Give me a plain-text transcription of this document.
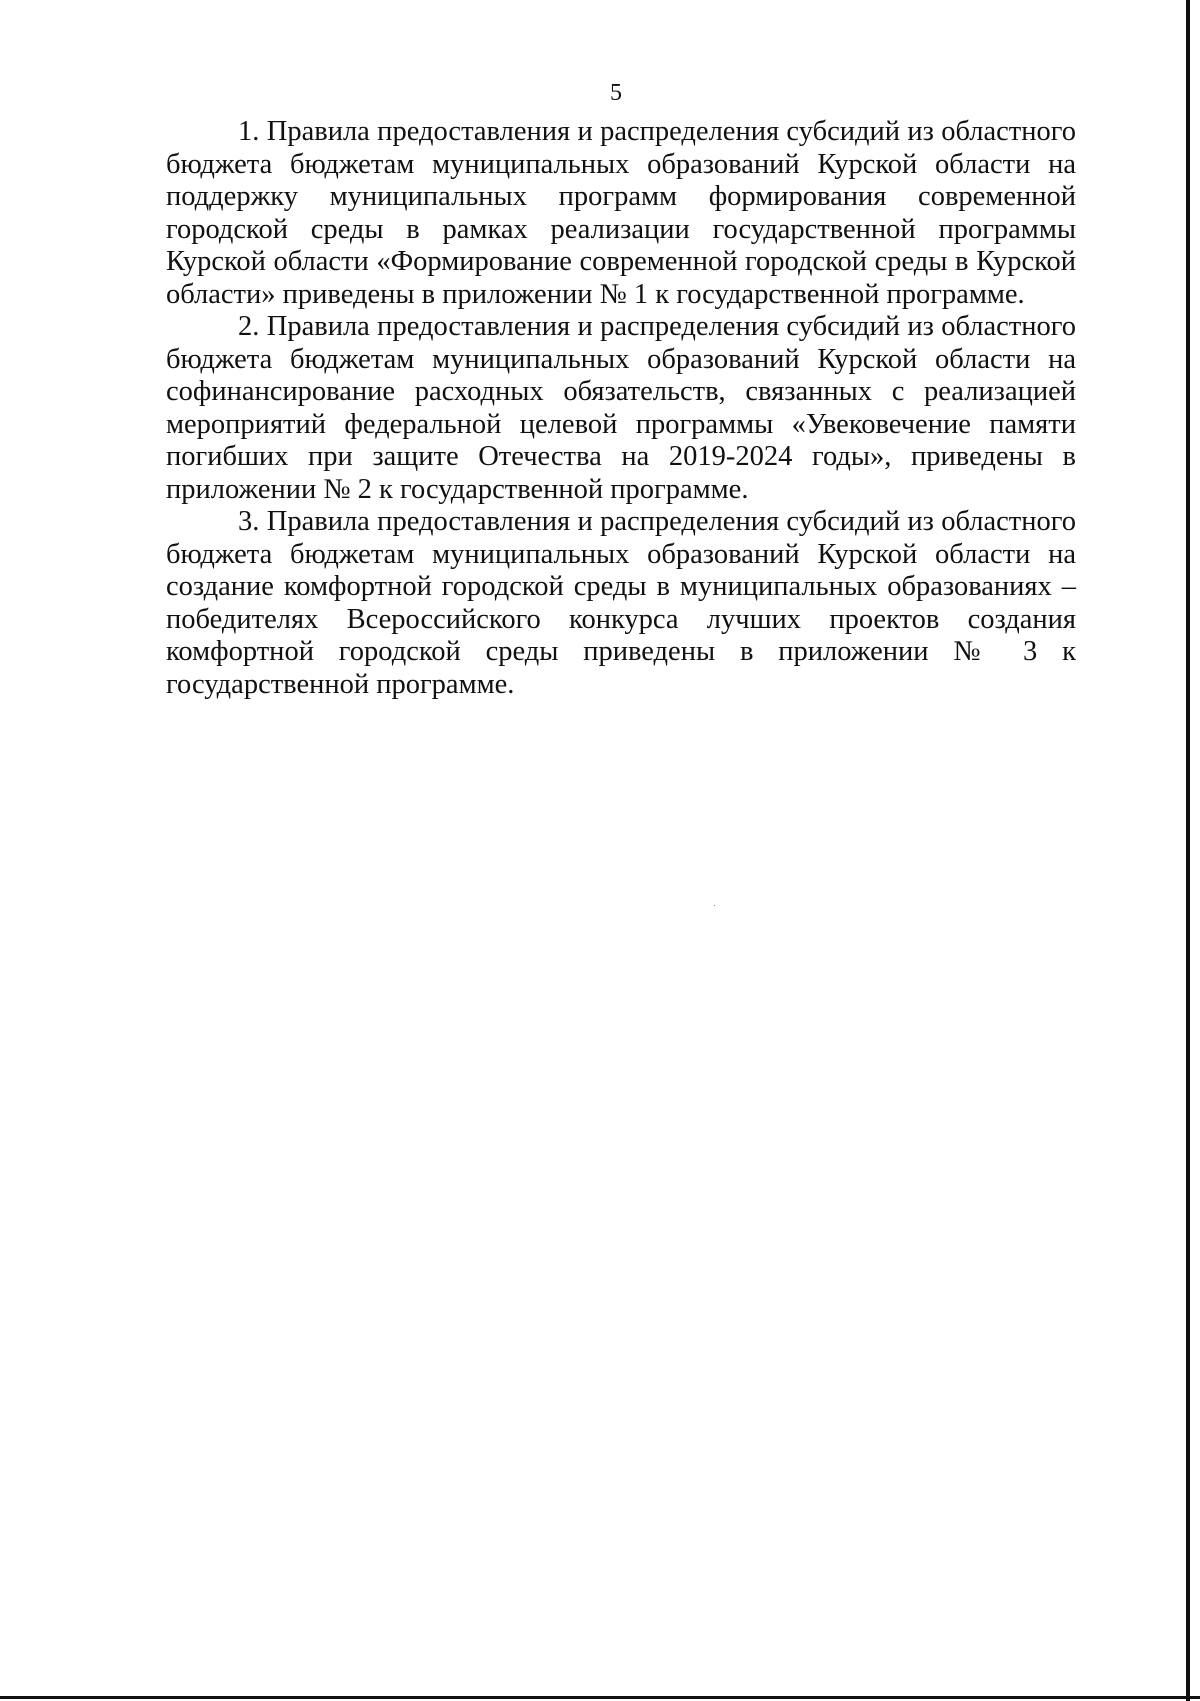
5

1. Правила предоставления и распределения субсидий из областного бюджета бюджетам муниципальных образований Курской области на поддержку муниципальных программ формирования современной городской среды в рамках реализации государственной программы Курской области «Формирование современной городской среды в Курской области» приведены в приложении № 1 к государственной программе.

2. Правила предоставления и распределения субсидий из областного бюджета бюджетам муниципальных образований Курской области на софинансирование расходных обязательств, связанных с реализацией мероприятий федеральной целевой программы «Увековечение памяти погибших при защите Отечества на 2019-2024 годы», приведены в приложении № 2 к государственной программе.

3. Правила предоставления и распределения субсидий из областного бюджета бюджетам муниципальных образований Курской области на создание комфортной городской среды в муниципальных образованиях – победителях Всероссийского конкурса лучших проектов создания комфортной городской среды приведены в приложении № 3 к государственной программе.
